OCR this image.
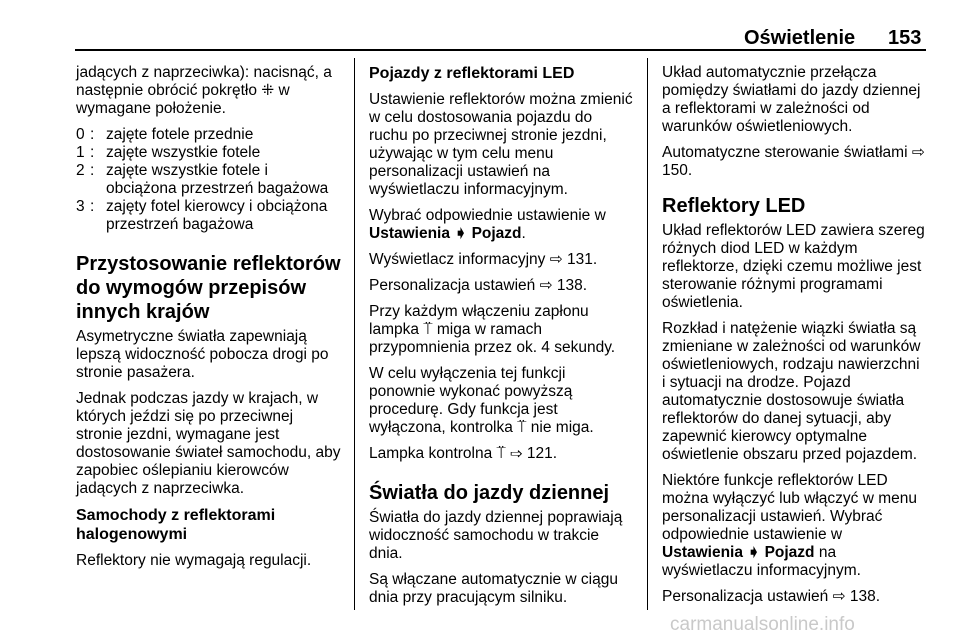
Oświetlenie 153

jadących z naprzeciwka): nacisnąć, a następnie obrócić pokrętło ⁜ w wymagane położenie.

0 : zajęte fotele przednie
1 : zajęte wszystkie fotele
2 : zajęte wszystkie fotele i obciążona przestrzeń bagażowa
3 : zajęty fotel kierowcy i obciążona przestrzeń bagażowa
Przystosowanie reflektorów do wymogów przepisów innych krajów

Asymetryczne światła zapewniają lepszą widoczność pobocza drogi po stronie pasażera.

Jednak podczas jazdy w krajach, w których jeździ się po przeciwnej stronie jezdni, wymagane jest dostosowanie świateł samochodu, aby zapobiec oślepianiu kierowców jadących z naprzeciwka.

Samochody z reflektorami halogenowymi

Reflektory nie wymagają regulacji.

Pojazdy z reflektorami LED

Ustawienie reflektorów można zmienić w celu dostosowania pojazdu do ruchu po przeciwnej stronie jezdni, używając w tym celu menu personalizacji ustawień na wyświetlaczu informacyjnym.

Wybrać odpowiednie ustawienie w Ustawienia ➧ Pojazd.

Wyświetlacz informacyjny ⇨ 131.

Personalizacja ustawień ⇨ 138.

Przy każdym włączeniu zapłonu lampka ⍡ miga w ramach przypomnienia przez ok. 4 sekundy.

W celu wyłączenia tej funkcji ponownie wykonać powyższą procedurę. Gdy funkcja jest wyłączona, kontrolka ⍡ nie miga.

Lampka kontrolna ⍡ ⇨ 121.

Światła do jazdy dziennej

Światła do jazdy dziennej poprawiają widoczność samochodu w trakcie dnia.

Są włączane automatycznie w ciągu dnia przy pracującym silniku.

Układ automatycznie przełącza pomiędzy światłami do jazdy dziennej a reflektorami w zależności od warunków oświetleniowych.

Automatyczne sterowanie światłami ⇨ 150.

Reflektory LED

Układ reflektorów LED zawiera szereg różnych diod LED w każdym reflektorze, dzięki czemu możliwe jest sterowanie różnymi programami oświetlenia.

Rozkład i natężenie wiązki światła są zmieniane w zależności od warunków oświetleniowych, rodzaju nawierzchni i sytuacji na drodze. Pojazd automatycznie dostosowuje światła reflektorów do danej sytuacji, aby zapewnić kierowcy optymalne oświetlenie obszaru przed pojazdem.

Niektóre funkcje reflektorów LED można wyłączyć lub włączyć w menu personalizacji ustawień. Wybrać odpowiednie ustawienie w Ustawienia ➧ Pojazd na wyświetlaczu informacyjnym.

Personalizacja ustawień ⇨ 138.

carmanualsonline.info
